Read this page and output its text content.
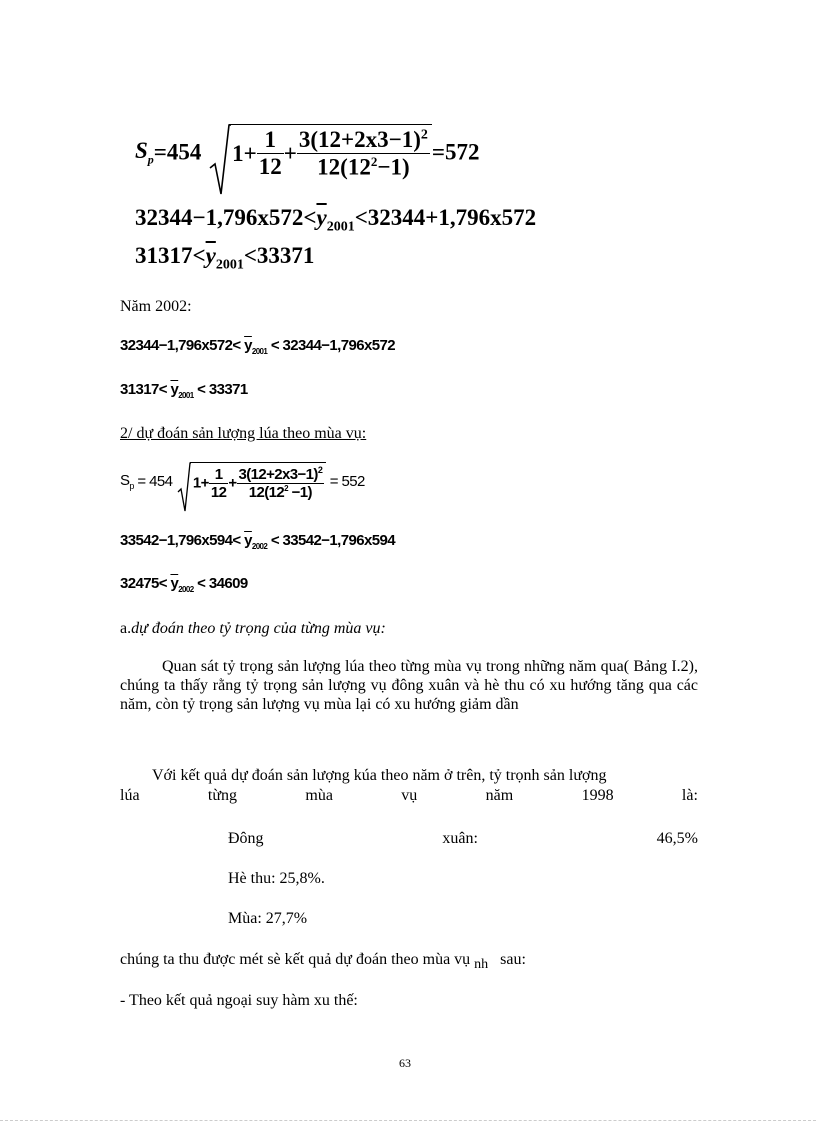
$S_p=454$ $1+ \frac{1}{12} + \frac{3(12+2x3-1)^2}{12(12^2-1)} =572$
$32344-1,796x572<\overline{y}_{2001}<32344+1,796x572$
$31317<\overline{y}_{2001}<33371$
Năm 2002:
$32344-1,796x572< \overline{y}_{2001} < 32344-1,796x572$
$31317< \overline{y}_{2001} < 33371$
2/ dự đoán sản lượng lúa theo mùa vụ:
$S_p = 454$ $1+ \frac{1}{12} + \frac{3(12+2x3-1)^2}{12(12^2 -1)} = 552$
$33542-1,796x594< \overline{y}_{2002} < 33542-1,796x594$
$32475< \overline{y}_{2002} < 34609$
a.dự đoán theo tỷ trọng của từng mùa vụ:
Quan sát tỷ trọng sản lượng lúa theo từng mùa vụ trong những năm qua( Bảng I.2), chúng ta thấy rằng tỷ trọng sản lượng vụ đông xuân và hè thu có xu hướng tăng qua các năm, còn tỷ trọng sản lượng vụ mùa lại có xu hướng giảm dần
Với kết quả dự đoán sản lượng kúa theo năm ở trên, tỷ trọnh sản lượng
lúa	từng	mùa	vụ	năm	1998	là:
Đông	xuân:	46,5%
Hè thu: 25,8%.
Mùa: 27,7%
chúng ta thu được mét sè kết quả dự đoán theo mùa vụ $_{nh}$ sau:
- Theo kết quả ngoại suy hàm xu thế:
63
